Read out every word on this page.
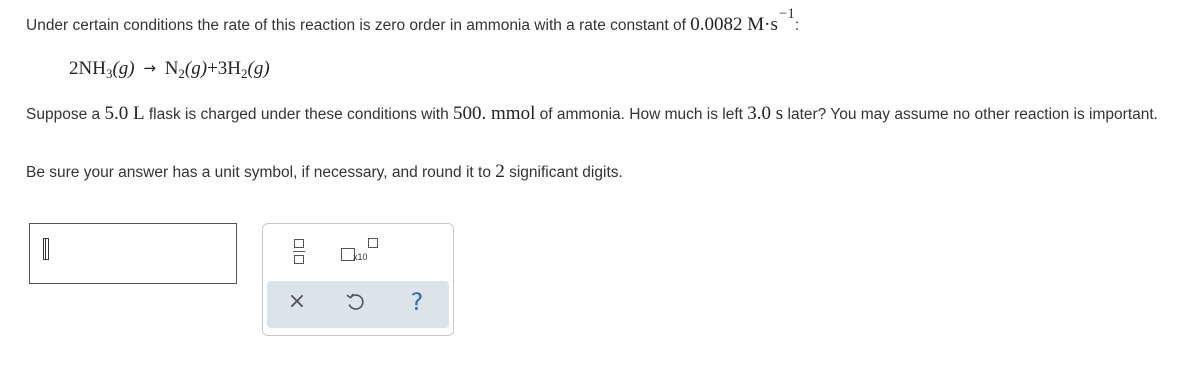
Under certain conditions the rate of this reaction is zero order in ammonia with a rate constant of 0.0082 M·s−1:
$2NH_3(g) \to N_2(g)+3H_2(g)$
Suppose a 5.0 L flask is charged under these conditions with 500. mmol of ammonia. How much is left 3.0 s later? You may assume no other reaction is important.
Be sure your answer has a unit symbol, if necessary, and round it to 2 significant digits.
x10
×	?
